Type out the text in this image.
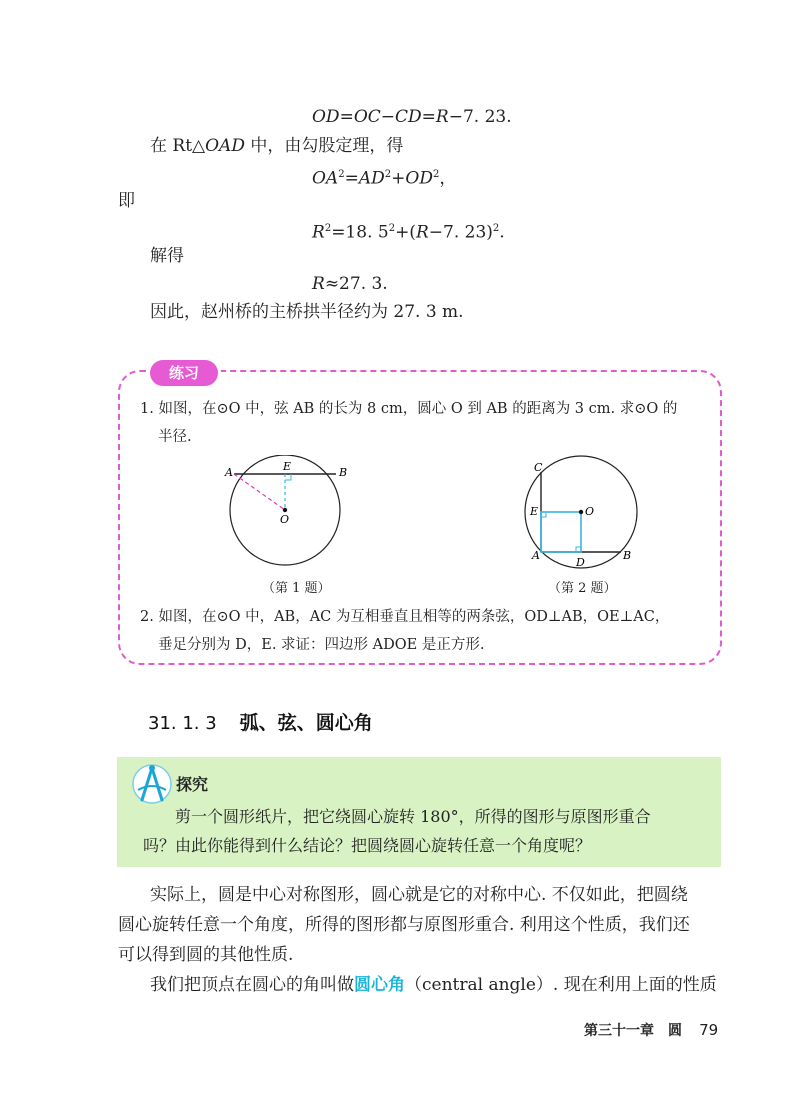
OD=OC−CD=R−7. 23.
在 Rt△OAD 中，由勾股定理，得
$OA^2=AD^2+OD^2$，
即
$R^2=18$. $5^2+(R-7$. 23)$^2$.
解得
R≈27. 3.
因此，赵州桥的主桥拱半径约为 27. 3 m.
练习
1. 如图，在⊙O 中，弦 AB 的长为 8 cm，圆心 O 到 AB 的距离为 3 cm. 求⊙O 的
半径.
A	B
E
O
（第 1 题）
C
E	O
A
D
B
（第 2 题）
2. 如图，在⊙O 中，AB，AC 为互相垂直且相等的两条弦，OD⊥AB，OE⊥AC，
垂足分别为 D，E. 求证：四边形 ADOE 是正方形.
31. 1. 3 弧、弦、圆心角
探究
剪一个圆形纸片，把它绕圆心旋转 180°，所得的图形与原图形重合
吗？由此你能得到什么结论？把圆绕圆心旋转任意一个角度呢？
实际上，圆是中心对称图形，圆心就是它的对称中心. 不仅如此，把圆绕
圆心旋转任意一个角度，所得的图形都与原图形重合. 利用这个性质，我们还
可以得到圆的其他性质.
我们把顶点在圆心的角叫做圆心角（central angle）. 现在利用上面的性质
第三十一章　圆 79
